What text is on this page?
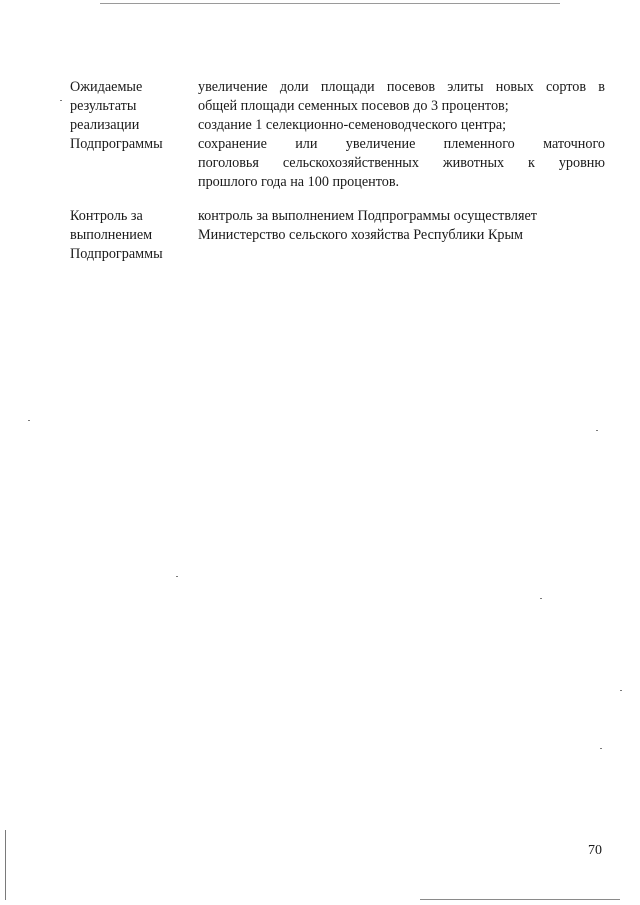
Ожидаемые
результаты
реализации
Подпрограммы
увеличение доли площади посевов элиты новых сортов в
общей площади семенных посевов до 3 процентов;
создание 1 селекционно-семеноводческого центра;
сохранение или увеличение племенного маточного
поголовья сельскохозяйственных животных к уровню
прошлого года на 100 процентов.
Контроль за
выполнением
Подпрограммы
контроль за выполнением Подпрограммы осуществляет
Министерство сельского хозяйства Республики Крым
70
